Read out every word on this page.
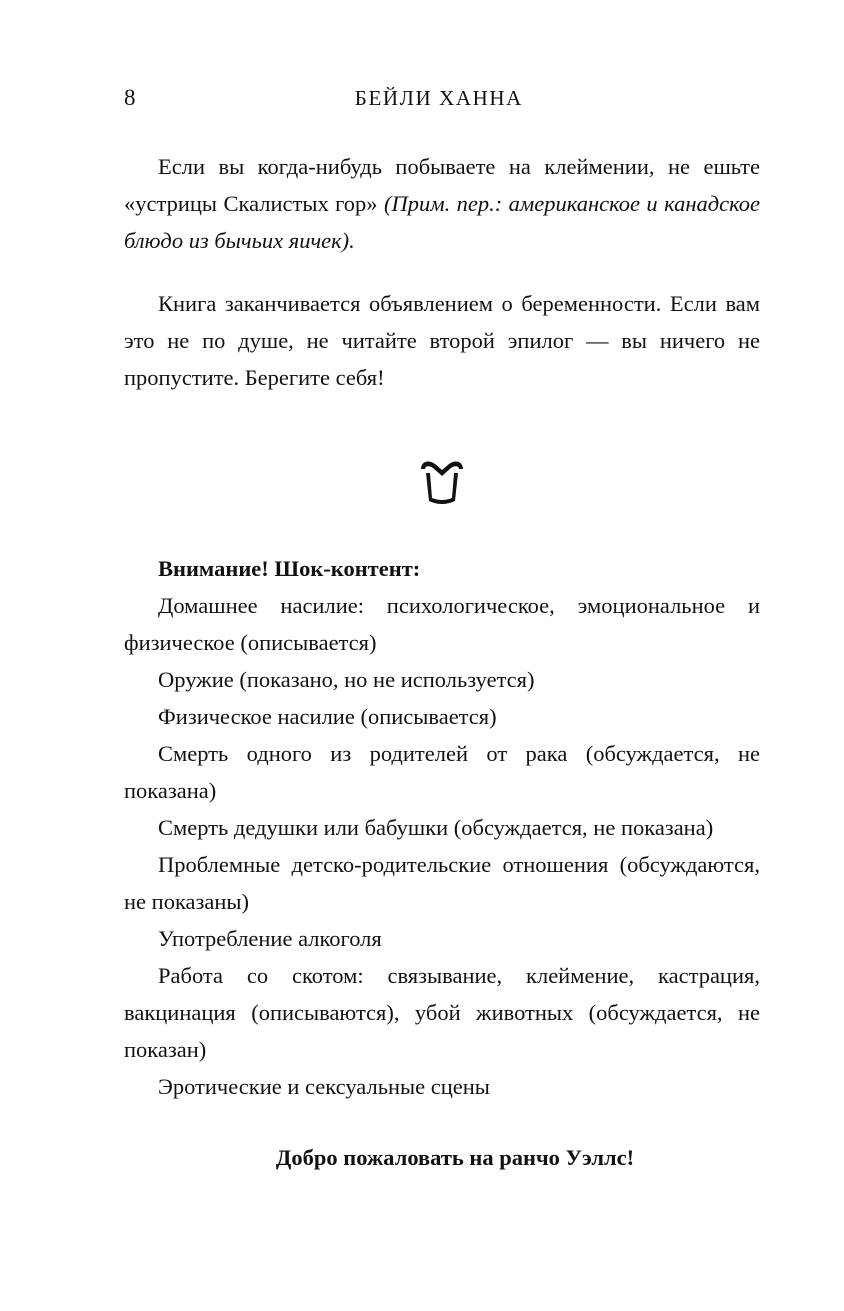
8	БЕЙЛИ ХАННА

Если вы когда-нибудь побываете на клеймении, не ешьте «устрицы Скалистых гор» (Прим. пер.: американское и канадское блюдо из бычьих яичек).

Книга заканчивается объявлением о беременности. Если вам это не по душе, не читайте второй эпилог — вы ничего не пропустите. Берегите себя!

Внимание! Шок-контент:

Домашнее насилие: психологическое, эмоциональное и физическое (описывается)
Оружие (показано, но не используется)
Физическое насилие (описывается)
Смерть одного из родителей от рака (обсуждается, не показана)
Смерть дедушки или бабушки (обсуждается, не показана)
Проблемные детско-родительские отношения (обсуждаются, не показаны)
Употребление алкоголя
Работа со скотом: связывание, клеймение, кастрация, вакцинация (описываются), убой животных (обсуждается, не показан)
Эротические и сексуальные сцены

Добро пожаловать на ранчо Уэллс!
